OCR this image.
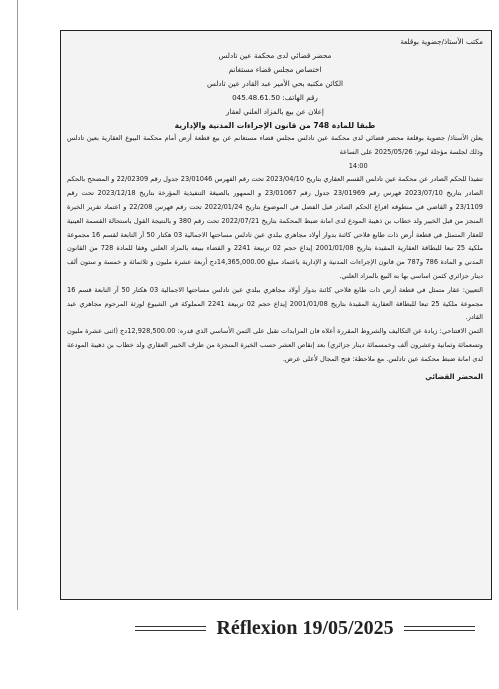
مكتب الأستاذ/جضوية بوقلعة

محضر قضائي لدى محكمة عين تادلس

اختصاص مجلس قضاء مستغانم

الكائن مكتبه بحي الأمير عبد القادر عين تادلس

رقم الهاتف: 045.48.61.50

إعلان عن بيع بالمزاد العلني لعقار

طبقا للمادة 748 من قانون الإجراءات المدنية والإدارية

يعلن الأستاذ/ جضوية بوقلعة محضر قضائي لدى محكمة عين تادلس مجلس قضاء مستغانم عن بيع قطعة أرض أمام محكمة البيوع العقارية بعين تادلس وذلك لجلسة مؤجلة ليوم: 2025/05/26 على الساعة

14:00

تنفيذا للحكم الصادر عن محكمة عين تادلس القسم العقاري بتاريخ 2023/04/10 تحت رقم الفهرس 23/01046 جدول رقم 22/02309 و المصحح بالحكم الصادر بتاريخ 2023/07/10 فهرس رقم 23/01969 جدول رقم 23/01067 و الممهور بالصيغة التنفيذية المؤرخة بتاريخ 2023/12/18 تحت رقم 23/1109 و القاضي في منطوقه افراغ الحكم الصادر قبل الفصل في الموضوع بتاريخ 2022/01/24 تحت رقم فهرس 22/208 و اعتماد تقرير الخبرة المنجز من قبل الخبير ولد خطاب بن ذهيبة المودع لدى امانة ضبط المحكمة بتاريخ 2022/07/21 تحت رقم 380 و بالنتيجة القول باستحالة القسمة العينية للعقار المتمثل في قطعة أرض ذات طابع فلاحي كائنة بدوار أولاد مجاهري ببلدي عين تادلس مساحتها الاجمالية 03 هكتار 50 آر التابعة لقسم 16 مجموعة ملكية 25 تبعا للبطاقة العقارية المقيدة بتاريخ 2001/01/08 إيداع حجم 02 تربيعة 2241 و القضاء ببيعه بالمزاد العلني وفقا للمادة 728 من القانون المدني و المادة 786 و787 من قانون الإجراءات المدنية و الإدارية باعتماد مبلغ 14,365,000.00دج أربعة عشرة مليون و ثلاثمائة و خمسة و ستون ألف دينار جزائري كثمن اساسي بها به البيع بالمزاد العلني.

التعيين: عقار متمثل في قطعة أرض ذات طابع فلاحي كائنة بدوار أولاد مجاهري ببلدي عين تادلس مساحتها الاجمالية 03 هكتار 50 آر التابعة قسم 16 مجموعة ملكية 25 تبعا للبطاقة العقارية المقيدة بتاريخ 2001/01/08 إيداع حجم 02 تربيعة 2241 المملوكة في الشيوع لورثة المرحوم مجاهري عبد القادر.

الثمن الافتتاحي: زيادة عن التكاليف والشروط المقررة أعلاه فان المزايدات تقبل على الثمن الأساسي الذي قدره: 12,928,500.00دج (اثنى عشرة مليون وتسعمائة وثمانية وعشرون ألف وخمسمائة دينار جزائري) بعد إنقاص العشر حسب الخبرة المنجزة من طرف الخبير العقاري ولد خطاب بن ذهيبة المودعة لدى امانة ضبط محكمة عين تادلس. مع ملاحظة: فتح المجال لأعلى عرض.

المحضر القضائي

Réflexion 19/05/2025
